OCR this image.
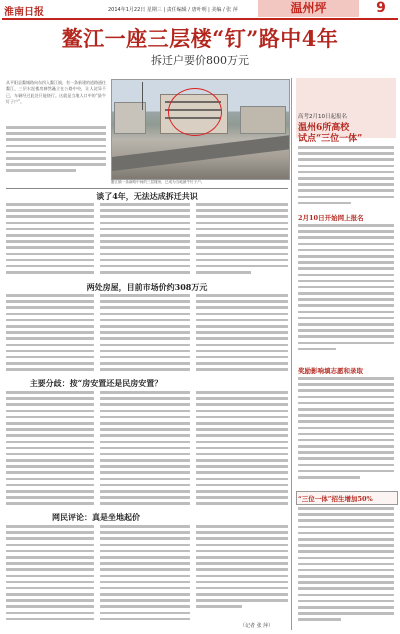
淮南日报	2014年1月22日 星期三 | 责任编辑 / 唐叶明 | 美编 / 张 萍	温州坪	9
鳌江一座三层楼“钉”路中4年
拆迁户要价800万元
从平阳县鳌城路向东拐入鳌江镇，有一条新建的道路通往鳌江，三层水泥楼房赫然矗立在公路中央，让人诧异不已，车辆经过此处只能绕行。这就是当地人口中的“最牛钉子户”。
鳌江镇一条新路中间的三层楼房，已成为当地最牛钉子户。
谈了4年，无法达成拆迁共识
两处房屋，目前市场价约308万元
主要分歧：按“房安置还是民房安置？
网民评论：真是坐地起价
（记者 张 萍）
高考2月10日起报名
温州6所高校
试点“三位一体”
2月10日开始网上报名
奖励影响填志愿和录取
“三位一体”招生增加50%
